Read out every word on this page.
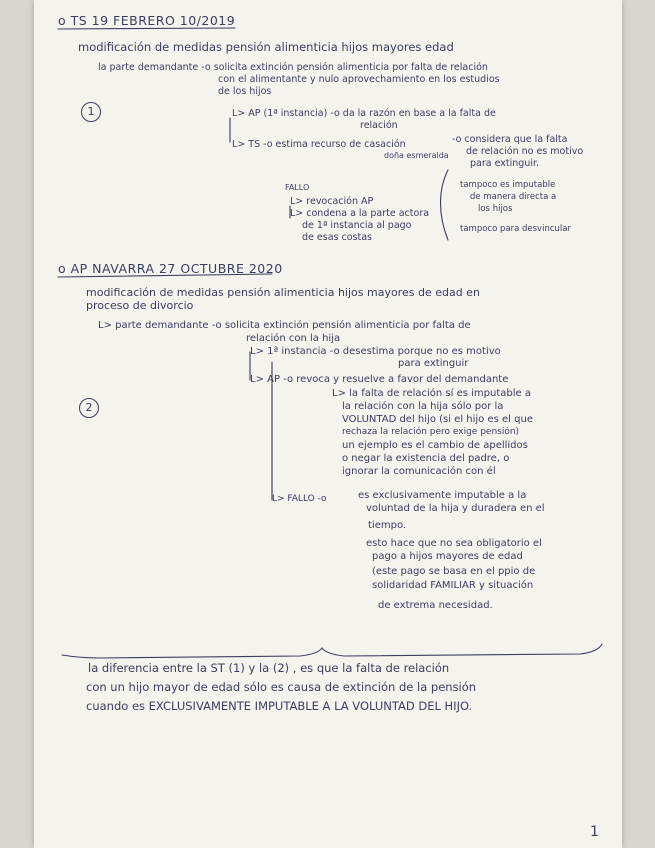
o TS 19 FEBRERO 10/2019
modificación de medidas pensión alimenticia hijos mayores edad
la parte demandante -o solicita extinción pensión alimenticia por falta de relación
con el alimentante y nulo aprovechamiento en los estudios
de los hijos
1	L> AP (1ª instancia) -o da la razón en base a la falta de
relación
L> TS -o estima recurso de casación
doña esmeralda
-o considera que la falta
de relación no es motivo
para extinguir.
FALLO
L> revocación AP
L> condena a la parte actora
de 1ª instancia al pago
de esas costas
tampoco es imputable
de manera directa a
los hijos
tampoco para desvincular
o AP NAVARRA 27 OCTUBRE 2020
modificación de medidas pensión alimenticia hijos mayores de edad en
proceso de divorcio
L> parte demandante -o solicita extinción pensión alimenticia por falta de
relación con la hija
L> 1ª instancia -o desestima porque no es motivo
para extinguir
L> AP -o revoca y resuelve a favor del demandante
2
L> la falta de relación sí es imputable a
la relación con la hija sólo por la
VOLUNTAD del hijo (si el hijo es el que
rechaza la relación pero exige pensión)
un ejemplo es el cambio de apellidos
o negar la existencia del padre, o
ignorar la comunicación con él
L> FALLO -o	es exclusivamente imputable a la
voluntad de la hija y duradera en el
tiempo.
esto hace que no sea obligatorio el
pago a hijos mayores de edad
(este pago se basa en el ppio de
solidaridad FAMILIAR y situación
de extrema necesidad.
la diferencia entre la ST (1) y la (2) , es que la falta de relación
con un hijo mayor de edad sólo es causa de extinción de la pensión
cuando es EXCLUSIVAMENTE IMPUTABLE A LA VOLUNTAD DEL HIJO.
1
